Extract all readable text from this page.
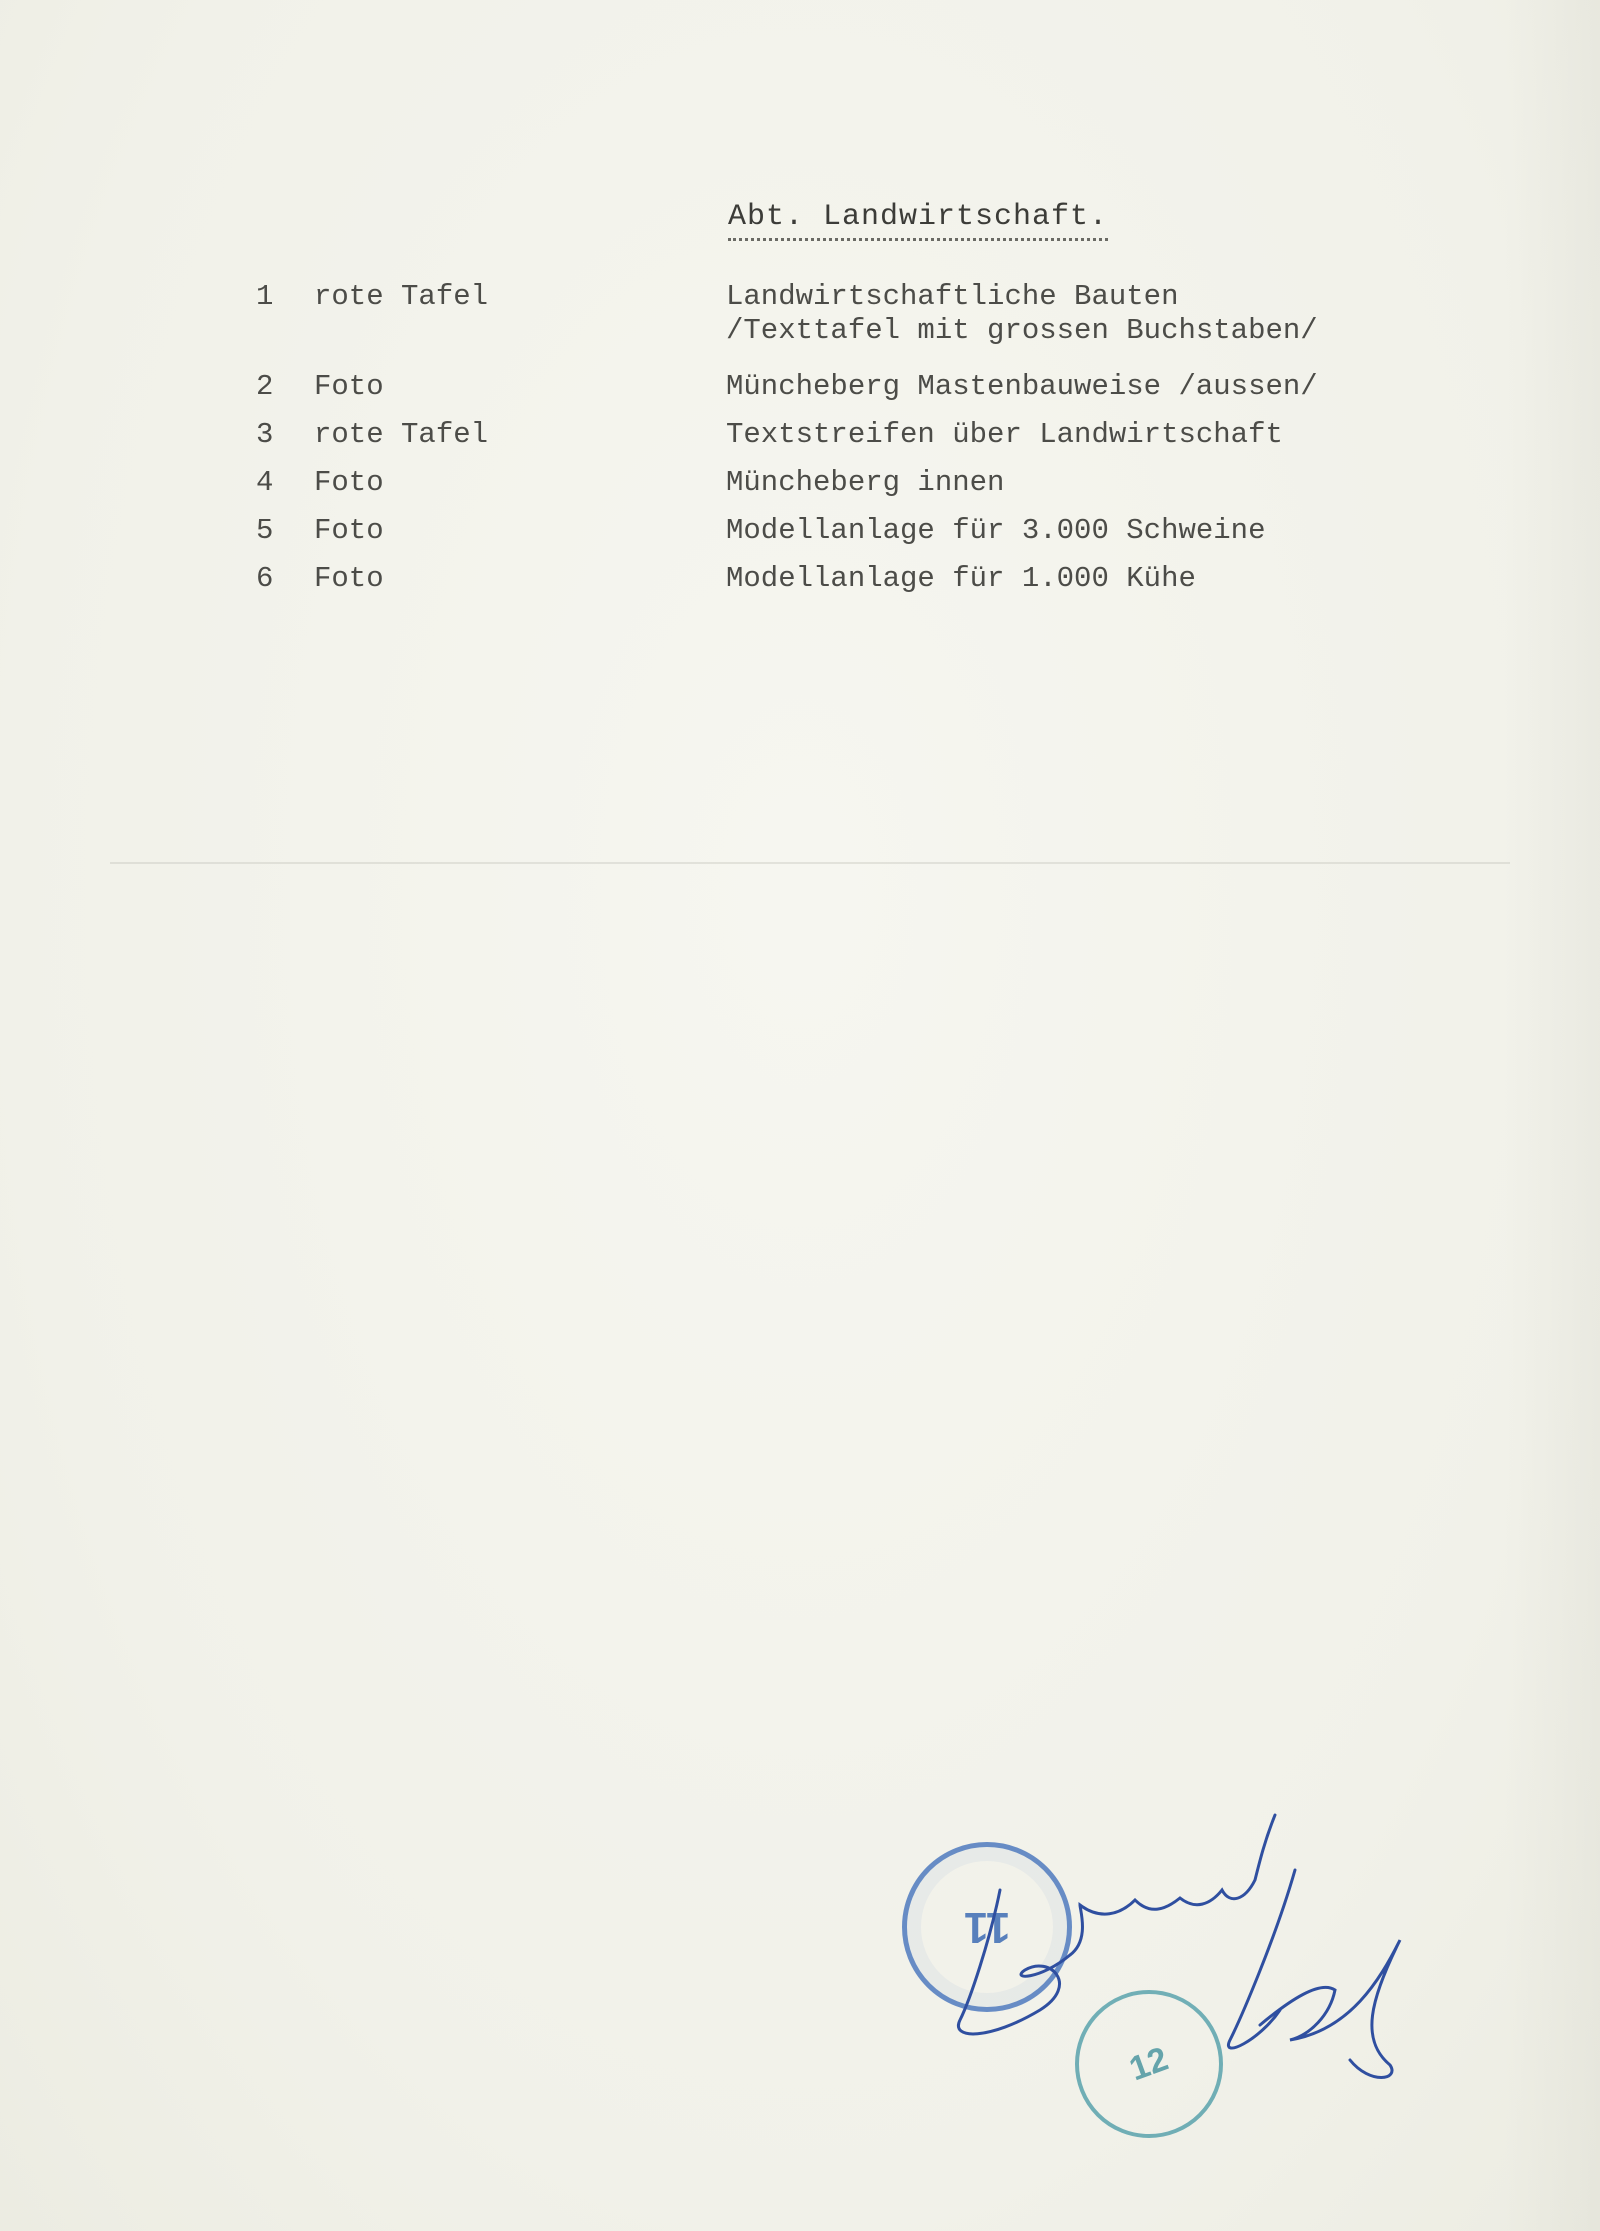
Abt. Landwirtschaft.
1 rote Tafel	Landwirtschaftliche Bauten
/Texttafel mit grossen Buchstaben/
2 Foto	Müncheberg Mastenbauweise /aussen/
3 rote Tafel	Textstreifen über Landwirtschaft
4 Foto	Müncheberg innen
5 Foto	Modellanlage für 3.000 Schweine
6 Foto	Modellanlage für 1.000 Kühe
11
12
